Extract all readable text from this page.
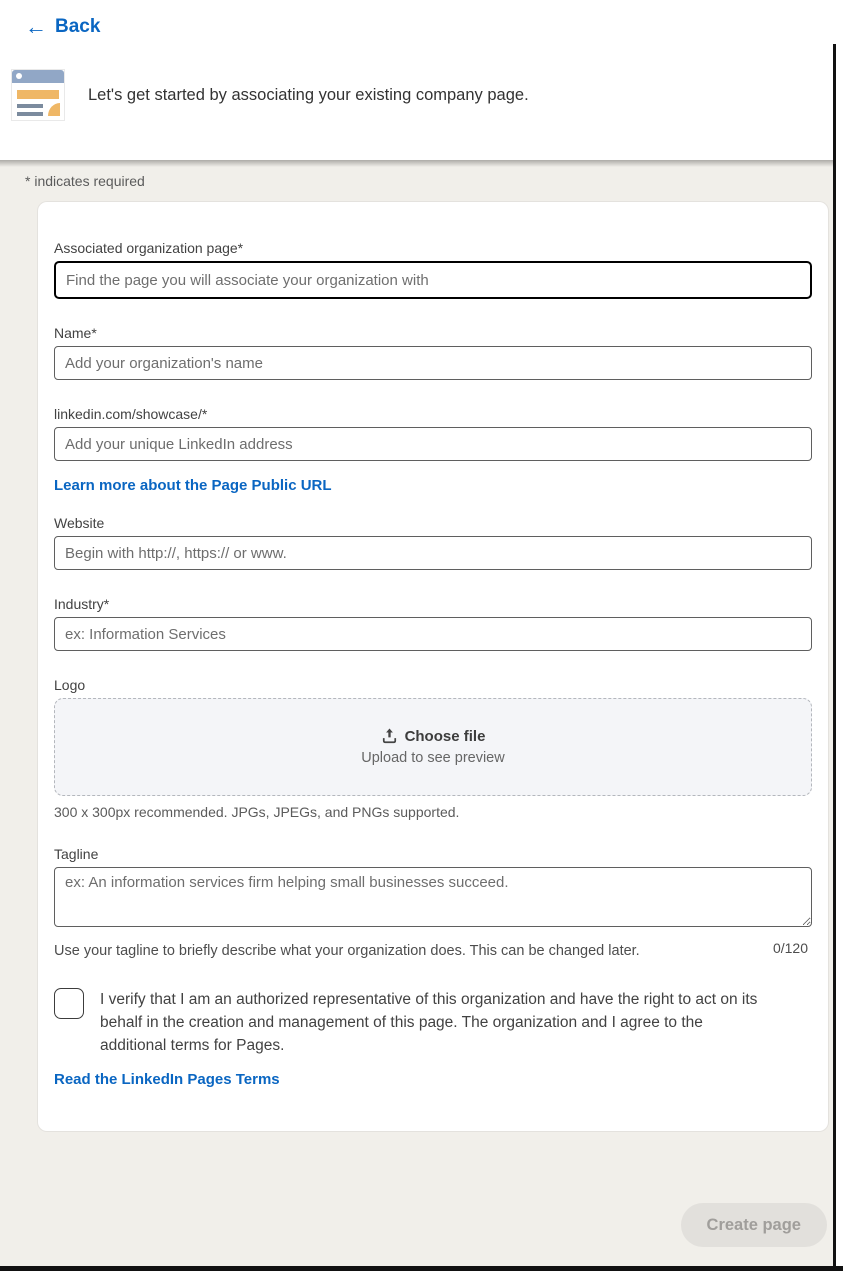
← Back
Let's get started by associating your existing company page.
* indicates required
Associated organization page*
Find the page you will associate your organization with
Name*
Add your organization's name
linkedin.com/showcase/*
Add your unique LinkedIn address
Learn more about the Page Public URL
Website
Begin with http://, https:// or www.
Industry*
ex: Information Services
Logo
Choose file
Upload to see preview
300 x 300px recommended. JPGs, JPEGs, and PNGs supported.
Tagline
ex: An information services firm helping small businesses succeed.
Use your tagline to briefly describe what your organization does. This can be changed later.	0/120
I verify that I am an authorized representative of this organization and have the right to act on its behalf in the creation and management of this page. The organization and I agree to the additional terms for Pages.
Read the LinkedIn Pages Terms
Create page
